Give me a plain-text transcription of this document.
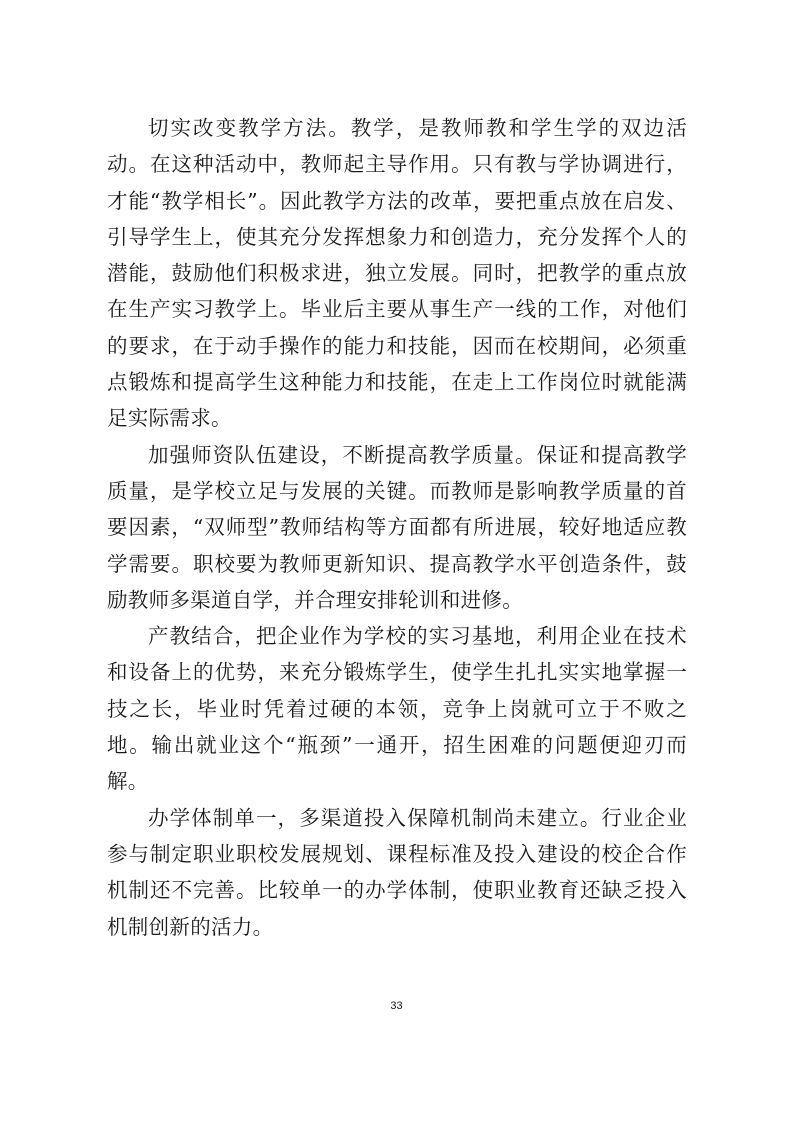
切实改变教学方法。教学，是教师教和学生学的双边活动。在这种活动中，教师起主导作用。只有教与学协调进行，才能“教学相长”。因此教学方法的改革，要把重点放在启发、引导学生上，使其充分发挥想象力和创造力，充分发挥个人的潜能，鼓励他们积极求进，独立发展。同时，把教学的重点放在生产实习教学上。毕业后主要从事生产一线的工作，对他们的要求，在于动手操作的能力和技能，因而在校期间，必须重点锻炼和提高学生这种能力和技能，在走上工作岗位时就能满足实际需求。

加强师资队伍建设，不断提高教学质量。保证和提高教学质量，是学校立足与发展的关键。而教师是影响教学质量的首要因素，“双师型”教师结构等方面都有所进展，较好地适应教学需要。职校要为教师更新知识、提高教学水平创造条件，鼓励教师多渠道自学，并合理安排轮训和进修。

产教结合，把企业作为学校的实习基地，利用企业在技术和设备上的优势，来充分锻炼学生，使学生扎扎实实地掌握一技之长，毕业时凭着过硬的本领，竞争上岗就可立于不败之地。输出就业这个“瓶颈”一通开，招生困难的问题便迎刃而解。

办学体制单一，多渠道投入保障机制尚未建立。行业企业参与制定职业职校发展规划、课程标准及投入建设的校企合作机制还不完善。比较单一的办学体制，使职业教育还缺乏投入机制创新的活力。

33
